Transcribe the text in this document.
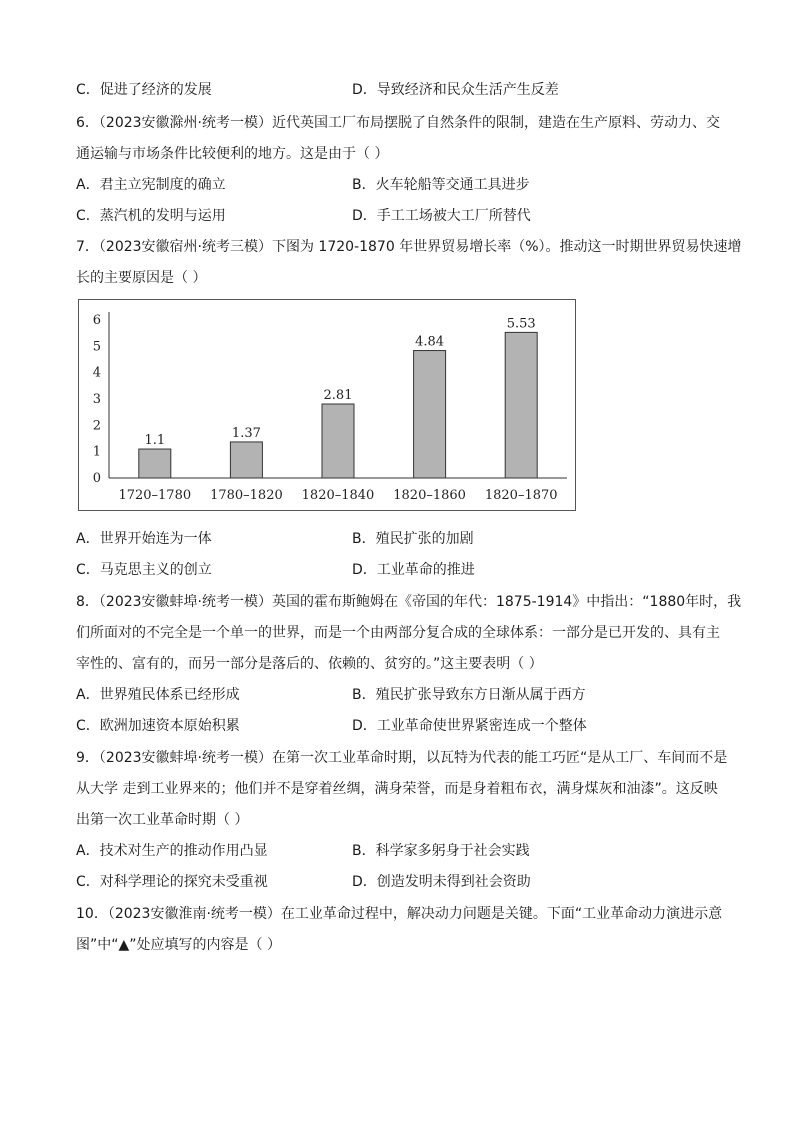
C．促进了经济的发展	D．导致经济和民众生活产生反差
6．（2023安徽滁州·统考一模）近代英国工厂布局摆脱了自然条件的限制，建造在生产原料、劳动力、交
通运输与市场条件比较便利的地方。这是由于（ ）
A．君主立宪制度的确立	B．火车轮船等交通工具进步
C．蒸汽机的发明与运用	D．手工工场被大工厂所替代
7．（2023安徽宿州·统考三模）下图为 1720-1870 年世界贸易增长率（%）。推动这一时期世界贸易快速增
长的主要原因是（ ）
0
1
2
3
4
5
6
1.1
1720–1780
1.37
1780–1820
2.81
1820–1840
4.84
1820–1860
5.53
1820–1870
A．世界开始连为一体	B．殖民扩张的加剧
C．马克思主义的创立	D．工业革命的推进
8．（2023安徽蚌埠·统考一模）英国的霍布斯鲍姆在《帝国的年代：1875-1914》中指出：“1880年时，我
们所面对的不完全是一个单一的世界，而是一个由两部分复合成的全球体系：一部分是已开发的、具有主
宰性的、富有的，而另一部分是落后的、依赖的、贫穷的。”这主要表明（ ）
A．世界殖民体系已经形成	B．殖民扩张导致东方日渐从属于西方
C．欧洲加速资本原始积累	D．工业革命使世界紧密连成一个整体
9．（2023安徽蚌埠·统考一模）在第一次工业革命时期，以瓦特为代表的能工巧匠“是从工厂、车间而不是
从大学 走到工业界来的；他们并不是穿着丝绸，满身荣誉，而是身着粗布衣，满身煤灰和油漆”。这反映
出第一次工业革命时期（ ）
A．技术对生产的推动作用凸显	B．科学家多躬身于社会实践
C．对科学理论的探究未受重视	D．创造发明未得到社会资助
10．（2023安徽淮南·统考一模）在工业革命过程中，解决动力问题是关键。下面“工业革命动力演进示意
图”中“▲”处应填写的内容是（ ）
